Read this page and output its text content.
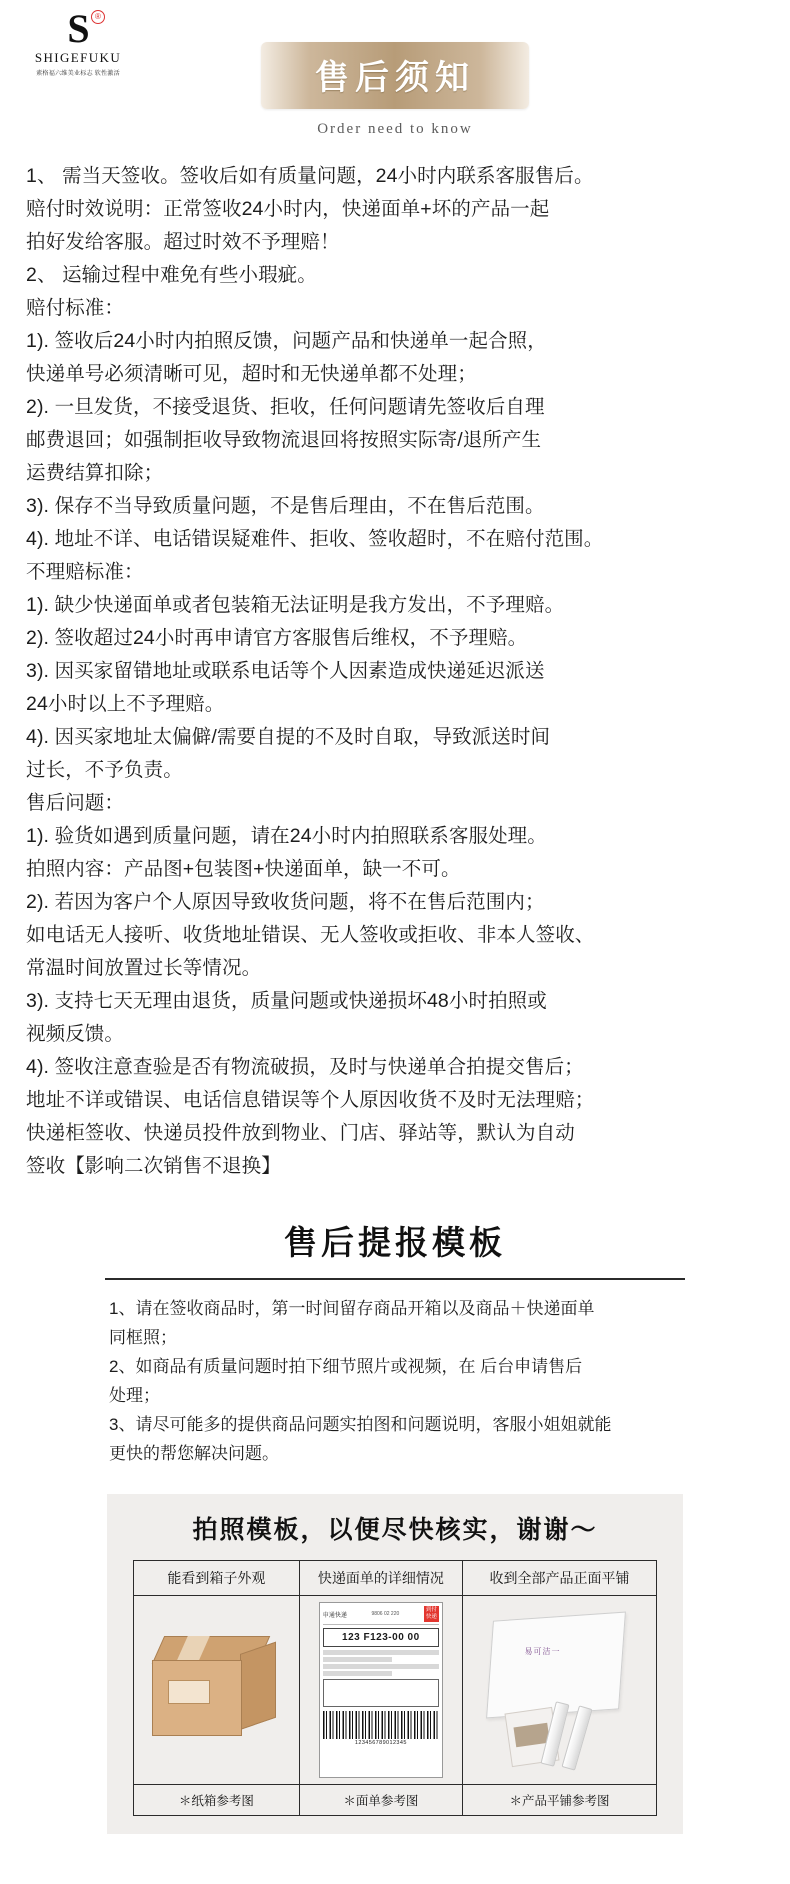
S ®
SHIGEFUKU
素格福六维美业标志 软性激活	售后须知
Order need to know

1、 需当天签收。签收后如有质量问题，24小时内联系客服售后。

赔付时效说明：正常签收24小时内，快递面单+坏的产品一起

拍好发给客服。超过时效不予理赔！

2、 运输过程中难免有些小瑕疵。

赔付标准：

1). 签收后24小时内拍照反馈，问题产品和快递单一起合照，

快递单号必须清晰可见，超时和无快递单都不处理；

2). 一旦发货，不接受退货、拒收，任何问题请先签收后自理

邮费退回；如强制拒收导致物流退回将按照实际寄/退所产生

运费结算扣除；

3). 保存不当导致质量问题，不是售后理由，不在售后范围。

4). 地址不详、电话错误疑难件、拒收、签收超时，不在赔付范围。

不理赔标准：

1). 缺少快递面单或者包装箱无法证明是我方发出，不予理赔。

2). 签收超过24小时再申请官方客服售后维权，不予理赔。

3). 因买家留错地址或联系电话等个人因素造成快递延迟派送

24小时以上不予理赔。

4). 因买家地址太偏僻/需要自提的不及时自取，导致派送时间

过长，不予负责。

售后问题：

1). 验货如遇到质量问题，请在24小时内拍照联系客服处理。

拍照内容：产品图+包装图+快递面单，缺一不可。

2). 若因为客户个人原因导致收货问题，将不在售后范围内；

如电话无人接听、收货地址错误、无人签收或拒收、非本人签收、

常温时间放置过长等情况。

3). 支持七天无理由退货，质量问题或快递损坏48小时拍照或

视频反馈。

4). 签收注意查验是否有物流破损，及时与快递单合拍提交售后；

地址不详或错误、电话信息错误等个人原因收货不及时无法理赔；

快递柜签收、快递员投件放到物业、门店、驿站等，默认为自动

签收【影响二次销售不退换】

售后提报模板

1、请在签收商品时，第一时间留存商品开箱以及商品＋快递面单

同框照；

2、如商品有质量问题时拍下细节照片或视频，在 后台申请售后

处理；

3、请尽可能多的提供商品问题实拍图和问题说明，客服小姐姐就能

更快的帮您解决问题。

拍照模板，以便尽快核实，谢谢～
能看到箱子外观	快递面单的详细情况	收到全部产品正面平铺

申通快递	9806 02 220
到付
快递
123 F123-00 00
123456789012345

易可洁一

＊纸箱参考图	＊面单参考图	＊产品平铺参考图
